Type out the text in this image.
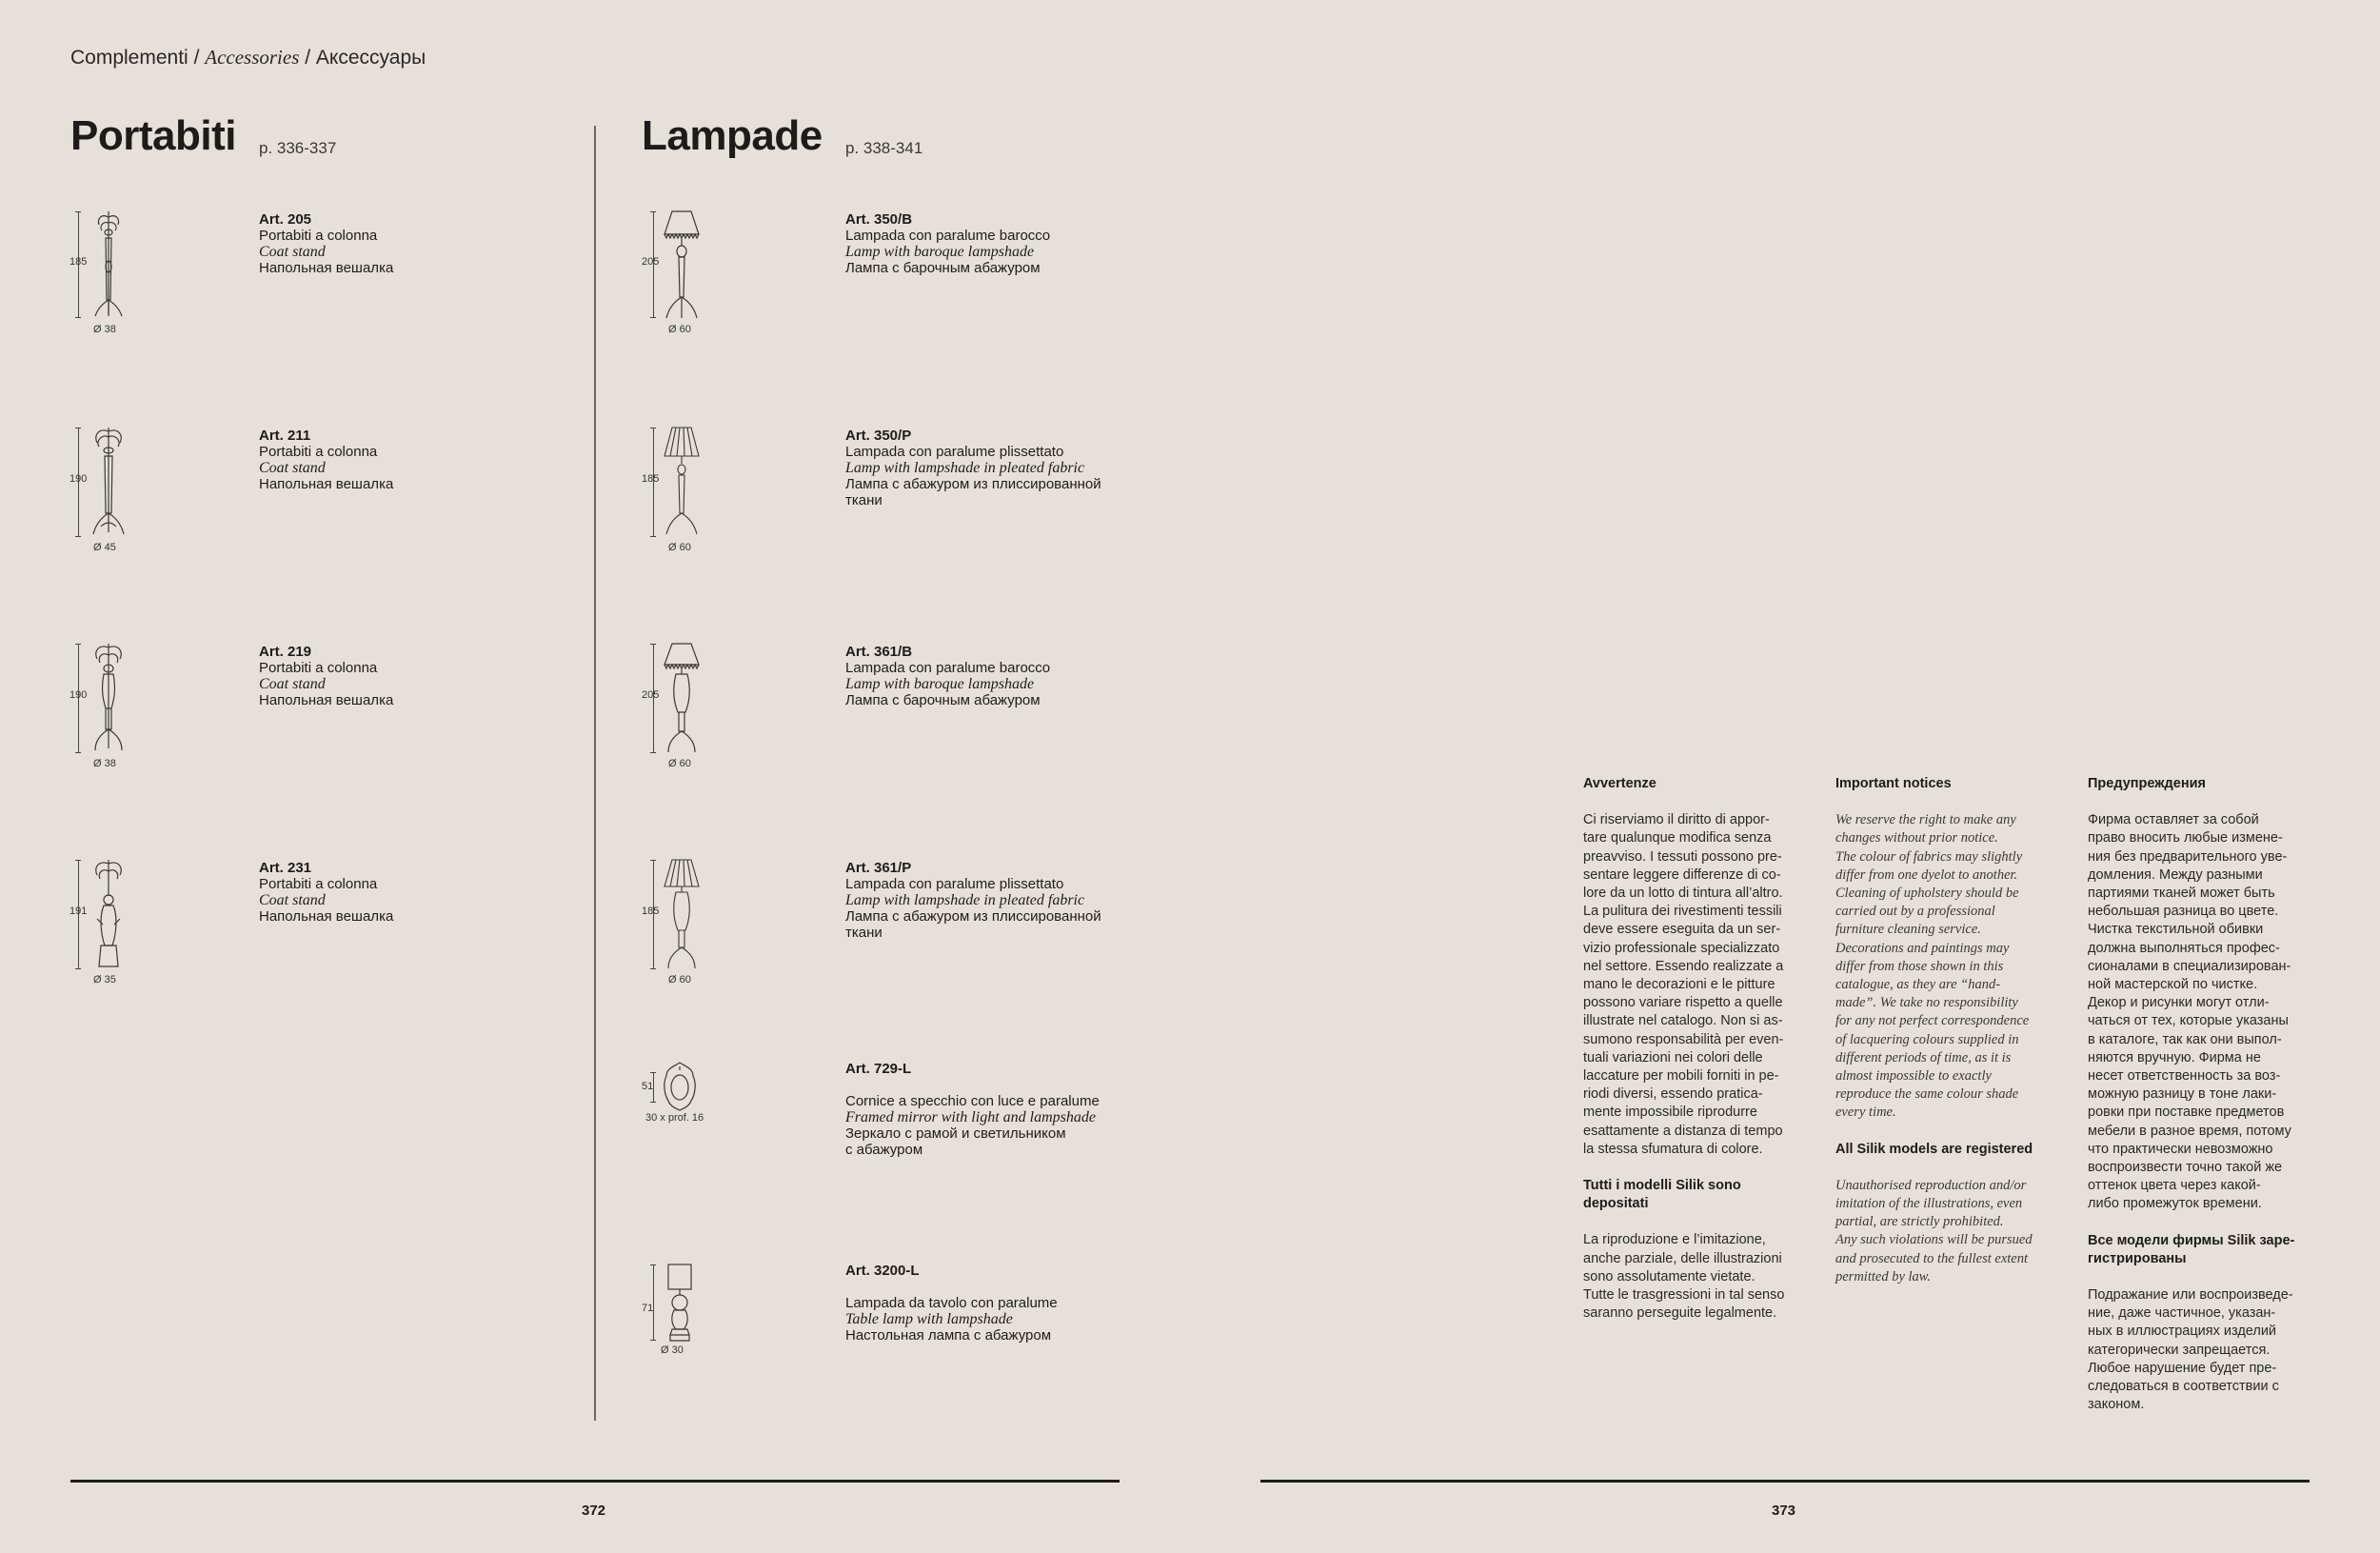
Complementi / Accessories / Аксессуары
Portabiti p. 336-337	Lampade p. 338-341
185
Ø 38
Art. 205
Portabiti a colonna
Coat stand
Напольная вешалка
190
Ø 45
Art. 211
Portabiti a colonna
Coat stand
Напольная вешалка
190
Ø 38
Art. 219
Portabiti a colonna
Coat stand
Напольная вешалка
191
Ø 35
Art. 231
Portabiti a colonna
Coat stand
Напольная вешалка
205
Ø 60
Art. 350/B
Lampada con paralume barocco
Lamp with baroque lampshade
Лампа с барочным абажуром
185
Ø 60
Art. 350/P
Lampada con paralume plissettato
Lamp with lampshade in pleated fabric
Лампа с абажуром из плиссированной
ткани
205
Ø 60
Art. 361/B
Lampada con paralume barocco
Lamp with baroque lampshade
Лампа с барочным абажуром
185
Ø 60
Art. 361/P
Lampada con paralume plissettato
Lamp with lampshade in pleated fabric
Лампа с абажуром из плиссированной
ткани
51
30 x prof. 16
Art. 729-L
Cornice a specchio con luce e paralume
Framed mirror with light and lampshade
Зеркало с рамой и светильником
с абажуром
71
Ø 30
Art. 3200-L
Lampada da tavolo con paralume
Table lamp with lampshade
Настольная лампа с абажуром
Avvertenze
Ci riserviamo il diritto di appor-
tare qualunque modifica senza
preavviso. I tessuti possono pre-
sentare leggere differenze di co-
lore da un lotto di tintura all’altro.
La pulitura dei rivestimenti tessili
deve essere eseguita da un ser-
vizio professionale specializzato
nel settore. Essendo realizzate a
mano le decorazioni e le pitture
possono variare rispetto a quelle
illustrate nel catalogo. Non si as-
sumono responsabilità per even-
tuali variazioni nei colori delle
laccature per mobili forniti in pe-
riodi diversi, essendo pratica-
mente impossibile riprodurre
esattamente a distanza di tempo
la stessa sfumatura di colore.
Tutti i modelli Silik sono
depositati
La riproduzione e l’imitazione,
anche parziale, delle illustrazioni
sono assolutamente vietate.
Tutte le trasgressioni in tal senso
saranno perseguite legalmente.
Important notices
We reserve the right to make any
changes without prior notice.
The colour of fabrics may slightly
differ from one dyelot to another.
Cleaning of upholstery should be
carried out by a professional
furniture cleaning service.
Decorations and paintings may
differ from those shown in this
catalogue, as they are “hand-
made”. We take no responsibility
for any not perfect correspondence
of lacquering colours supplied in
different periods of time, as it is
almost impossible to exactly
reproduce the same colour shade
every time.
All Silik models are registered
Unauthorised reproduction and/or
imitation of the illustrations, even
partial, are strictly prohibited.
Any such violations will be pursued
and prosecuted to the fullest extent
permitted by law.
Предупреждения
Фирма оставляет за собой
право вносить любые измене-
ния без предварительного уве-
домления. Между разными
партиями тканей может быть
небольшая разница во цвете.
Чистка текстильной обивки
должна выполняться профес-
сионалами в специализирован-
ной мастерской по чистке.
Декор и рисунки могут отли-
чаться от тех, которые указаны
в каталоге, так как они выпол-
няются вручную. Фирма не
несет ответственность за воз-
можную разницу в тоне лаки-
ровки при поставке предметов
мебели в разное время, потому
что практически невозможно
воспроизвести точно такой же
оттенок цвета через какой-
либо промежуток времени.
Все модели фирмы Silik заре-
гистрированы
Подражание или воспроизведе-
ние, даже частичное, указан-
ных в иллюстрациях изделий
категорически запрещается.
Любое нарушение будет пре-
следоваться в соответствии с
законом.
372	373
